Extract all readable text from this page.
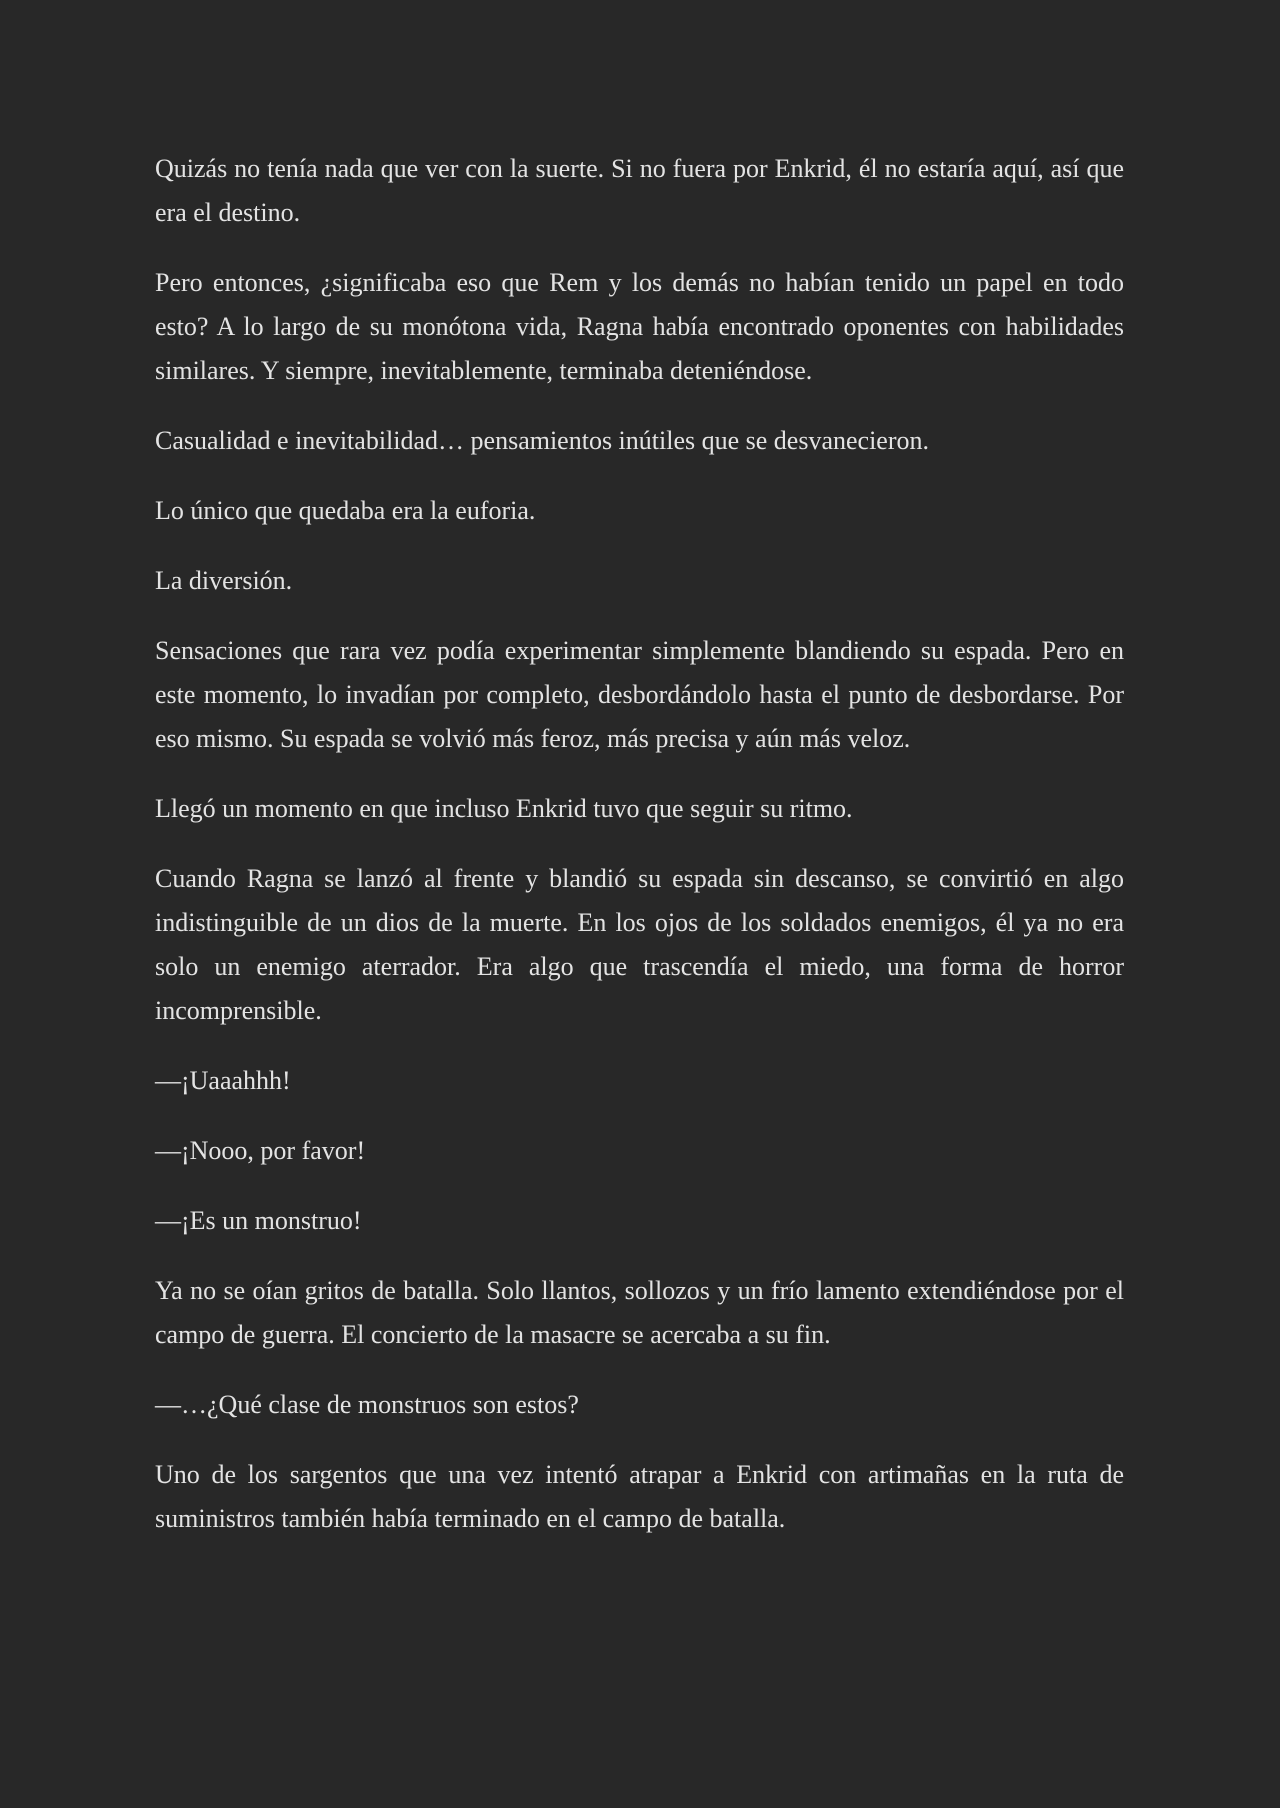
Quizás no tenía nada que ver con la suerte. Si no fuera por Enkrid, él no estaría aquí, así que era el destino.

Pero entonces, ¿significaba eso que Rem y los demás no habían tenido un papel en todo esto? A lo largo de su monótona vida, Ragna había encontrado oponentes con habilidades similares. Y siempre, inevitablemente, terminaba deteniéndose.

Casualidad e inevitabilidad… pensamientos inútiles que se desvanecieron.

Lo único que quedaba era la euforia.

La diversión.

Sensaciones que rara vez podía experimentar simplemente blandiendo su espada. Pero en este momento, lo invadían por completo, desbordándolo hasta el punto de desbordarse. Por eso mismo. Su espada se volvió más feroz, más precisa y aún más veloz.

Llegó un momento en que incluso Enkrid tuvo que seguir su ritmo.

Cuando Ragna se lanzó al frente y blandió su espada sin descanso, se convirtió en algo indistinguible de un dios de la muerte. En los ojos de los soldados enemigos, él ya no era solo un enemigo aterrador. Era algo que trascendía el miedo, una forma de horror incomprensible.

—¡Uaaahhh!

—¡Nooo, por favor!

—¡Es un monstruo!

Ya no se oían gritos de batalla. Solo llantos, sollozos y un frío lamento extendiéndose por el campo de guerra. El concierto de la masacre se acercaba a su fin.

—…¿Qué clase de monstruos son estos?

Uno de los sargentos que una vez intentó atrapar a Enkrid con artimañas en la ruta de suministros también había terminado en el campo de batalla.
